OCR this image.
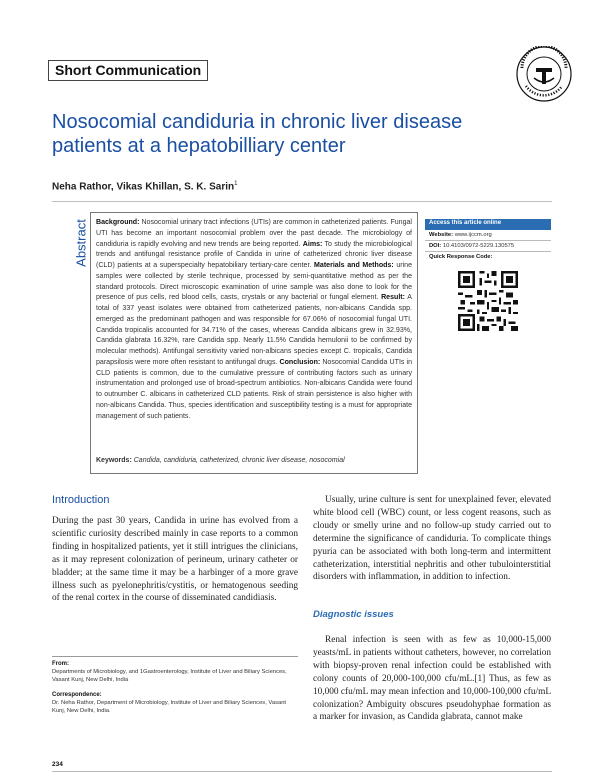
Short Communication
Nosocomial candiduria in chronic liver disease patients at a hepatobilliary center
Neha Rathor, Vikas Khillan, S. K. Sarin$^1$
Abstract Background: Nosocomial urinary tract infections (UTIs) are common in catheterized patients. Fungal UTI has become an important nosocomial problem over the past decade. The microbiology of candiduria is rapidly evolving and new trends are being reported. Aims: To study the microbiological trends and antifungal resistance profile of Candida in urine of catheterized chronic liver disease (CLD) patients at a superspecialty hepatobiliary tertiary-care center. Materials and Methods: urine samples were collected by sterile technique, processed by semi-quantitative method as per the standard protocols. Direct microscopic examination of urine sample was also done to look for the presence of pus cells, red blood cells, casts, crystals or any bacterial or fungal element. Result: A total of 337 yeast isolates were obtained from catheterized patients, non-albicans Candida spp. emerged as the predominant pathogen and was responsible for 67.06% of nosocomial fungal UTI. Candida tropicalis accounted for 34.71% of the cases, whereas Candida albicans grew in 32.93%, Candida glabrata 16.32%, rare Candida spp. Nearly 11.5% Candida hemulonii to be confirmed by molecular methods). Antifungal sensitivity varied non-albicans species except C. tropicalis, Candida parapsilosis were more often resistant to antifungal drugs. Conclusion: Nosocomial Candida UTIs in CLD patients is common, due to the cumulative pressure of contributing factors such as urinary instrumentation and prolonged use of broad-spectrum antibiotics. Non-albicans Candida were found to outnumber C. albicans in catheterized CLD patients. Risk of strain persistence is also higher with non-albicans Candida. Thus, species identification and susceptibility testing is a must for appropriate management of such patients.
Keywords: Candida, candiduria, catheterized, chronic liver disease, nosocomial
Access this article online
Website: www.ijccm.org
DOI: 10.4103/0972-5229.130575
Quick Response Code:
Introduction
During the past 30 years, Candida in urine has evolved from a scientific curiosity described mainly in case reports to a common finding in hospitalized patients, yet it still intrigues the clinicians, as it may represent colonization of perineum, urinary catheter or bladder; at the same time it may be a harbinger of a more grave illness such as pyelonephritis/cystitis, or hematogenous seeding of the renal cortex in the course of disseminated candidiasis.
Usually, urine culture is sent for unexplained fever, elevated white blood cell (WBC) count, or less cogent reasons, such as cloudy or smelly urine and no follow-up study carried out to determine the significance of candiduria. To complicate things pyuria can be associated with both long-term and intermittent catheterization, interstitial nephritis and other tubulointerstitial disorders with inflammation, in addition to infection.
Diagnostic issues
Renal infection is seen with as few as 10,000-15,000 yeasts/mL in patients without catheters, however, no correlation with biopsy-proven renal infection could be established with colony counts of 20,000-100,000 cfu/mL.[1] Thus, as few as 10,000 cfu/mL may mean infection and 10,000-100,000 cfu/mL colonization? Ambiguity obscures pseudohyphae formation as a marker for invasion, as Candida glabrata, cannot make
From:
Departments of Microbiology, and 1Gastroenterology, Institute of Liver and Biliary Sciences, Vasant Kunj, New Delhi, India
Correspondence:
Dr. Neha Rathor, Department of Microbiology, Institute of Liver and Biliary Sciences, Vasant Kunj, New Delhi, India.
234
